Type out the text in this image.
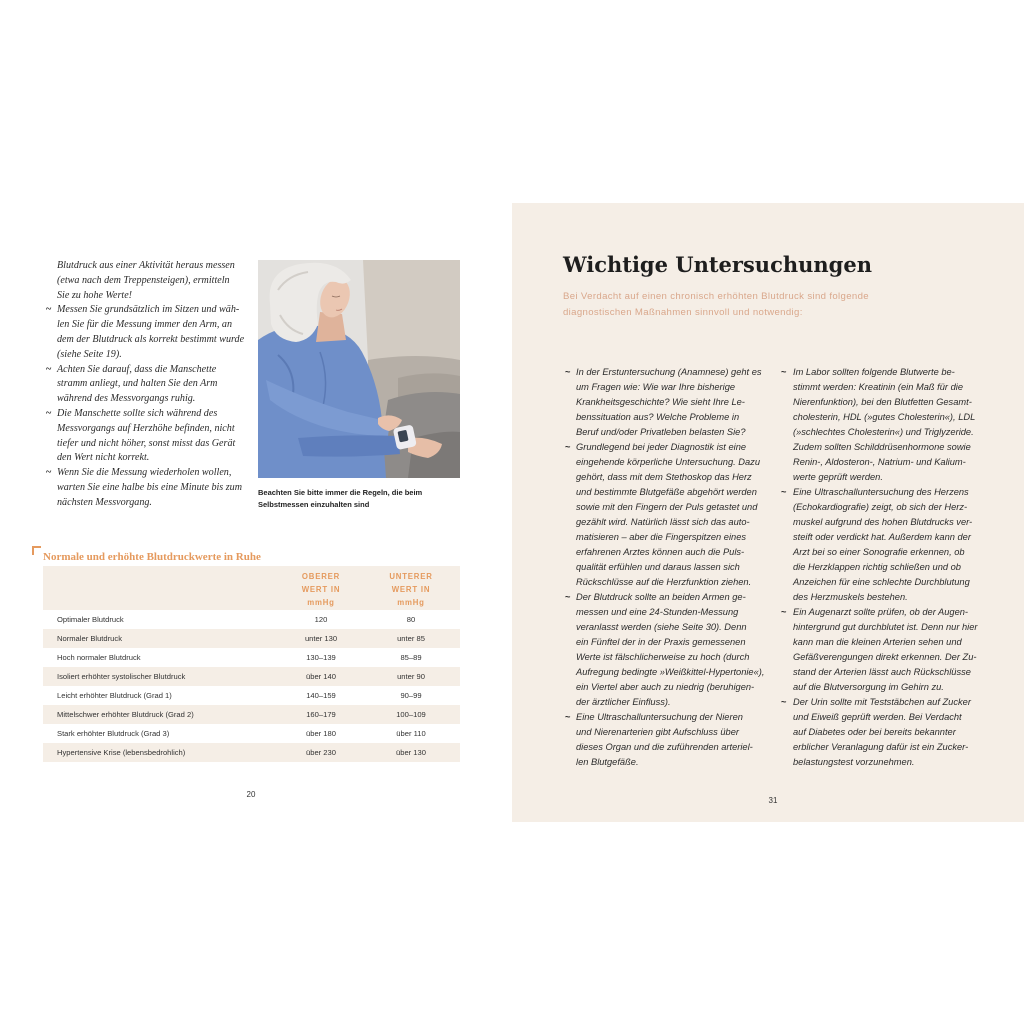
Blutdruck aus einer Aktivität heraus messen
(etwa nach dem Treppensteigen), ermitteln
Sie zu hohe Werte!
~ Messen Sie grundsätzlich im Sitzen und wäh-
len Sie für die Messung immer den Arm, an
dem der Blutdruck als korrekt bestimmt wurde
(siehe Seite 19).
~ Achten Sie darauf, dass die Manschette
stramm anliegt, und halten Sie den Arm
während des Messvorgangs ruhig.
~ Die Manschette sollte sich während des
Messvorgangs auf Herzhöhe befinden, nicht
tiefer und nicht höher, sonst misst das Gerät
den Wert nicht korrekt.
~ Wenn Sie die Messung wiederholen wollen,
warten Sie eine halbe bis eine Minute bis zum
nächsten Messvorgang.
Beachten Sie bitte immer die Regeln, die beim
Selbstmessen einzuhalten sind
Normale und erhöhte Blutdruckwerte in Ruhe
OBERER
WERT IN
mmHg
UNTERER
WERT IN
mmHg
Optimaler Blutdruck	120	80
Normaler Blutdruck	unter 130	unter 85
Hoch normaler Blutdruck	130–139	85–89
Isoliert erhöhter systolischer Blutdruck	über 140	unter 90
Leicht erhöhter Blutdruck (Grad 1)	140–159	90–99
Mittelschwer erhöhter Blutdruck (Grad 2)	160–179	100–109
Stark erhöhter Blutdruck (Grad 3)	über 180	über 110
Hypertensive Krise (lebensbedrohlich)	über 230	über 130
20
Wichtige Untersuchungen
Bei Verdacht auf einen chronisch erhöhten Blutdruck sind folgende
diagnostischen Maßnahmen sinnvoll und notwendig:
~ In der Erstuntersuchung (Anamnese) geht es
um Fragen wie: Wie war Ihre bisherige
Krankheitsgeschichte? Wie sieht Ihre Le-
benssituation aus? Welche Probleme in
Beruf und/oder Privatleben belasten Sie?
~ Grundlegend bei jeder Diagnostik ist eine
eingehende körperliche Untersuchung. Dazu
gehört, dass mit dem Stethoskop das Herz
und bestimmte Blutgefäße abgehört werden
sowie mit den Fingern der Puls getastet und
gezählt wird. Natürlich lässt sich das auto-
matisieren – aber die Fingerspitzen eines
erfahrenen Arztes können auch die Puls-
qualität erfühlen und daraus lassen sich
Rückschlüsse auf die Herzfunktion ziehen.
~ Der Blutdruck sollte an beiden Armen ge-
messen und eine 24-Stunden-Messung
veranlasst werden (siehe Seite 30). Denn
ein Fünftel der in der Praxis gemessenen
Werte ist fälschlicherweise zu hoch (durch
Aufregung bedingte »Weißkittel-Hypertonie«),
ein Viertel aber auch zu niedrig (beruhigen-
der ärztlicher Einfluss).
~ Eine Ultraschalluntersuchung der Nieren
und Nierenarterien gibt Aufschluss über
dieses Organ und die zuführenden arteriel-
len Blutgefäße.
~ Im Labor sollten folgende Blutwerte be-
stimmt werden: Kreatinin (ein Maß für die
Nierenfunktion), bei den Blutfetten Gesamt-
cholesterin, HDL (»gutes Cholesterin«), LDL
(»schlechtes Cholesterin«) und Triglyzeride.
Zudem sollten Schilddrüsenhormone sowie
Renin-, Aldosteron-, Natrium- und Kalium-
werte geprüft werden.
~ Eine Ultraschalluntersuchung des Herzens
(Echokardiografie) zeigt, ob sich der Herz-
muskel aufgrund des hohen Blutdrucks ver-
steift oder verdickt hat. Außerdem kann der
Arzt bei so einer Sonografie erkennen, ob
die Herzklappen richtig schließen und ob
Anzeichen für eine schlechte Durchblutung
des Herzmuskels bestehen.
~ Ein Augenarzt sollte prüfen, ob der Augen-
hintergrund gut durchblutet ist. Denn nur hier
kann man die kleinen Arterien sehen und
Gefäßverengungen direkt erkennen. Der Zu-
stand der Arterien lässt auch Rückschlüsse
auf die Blutversorgung im Gehirn zu.
~ Der Urin sollte mit Teststäbchen auf Zucker
und Eiweiß geprüft werden. Bei Verdacht
auf Diabetes oder bei bereits bekannter
erblicher Veranlagung dafür ist ein Zucker-
belastungstest vorzunehmen.
31
